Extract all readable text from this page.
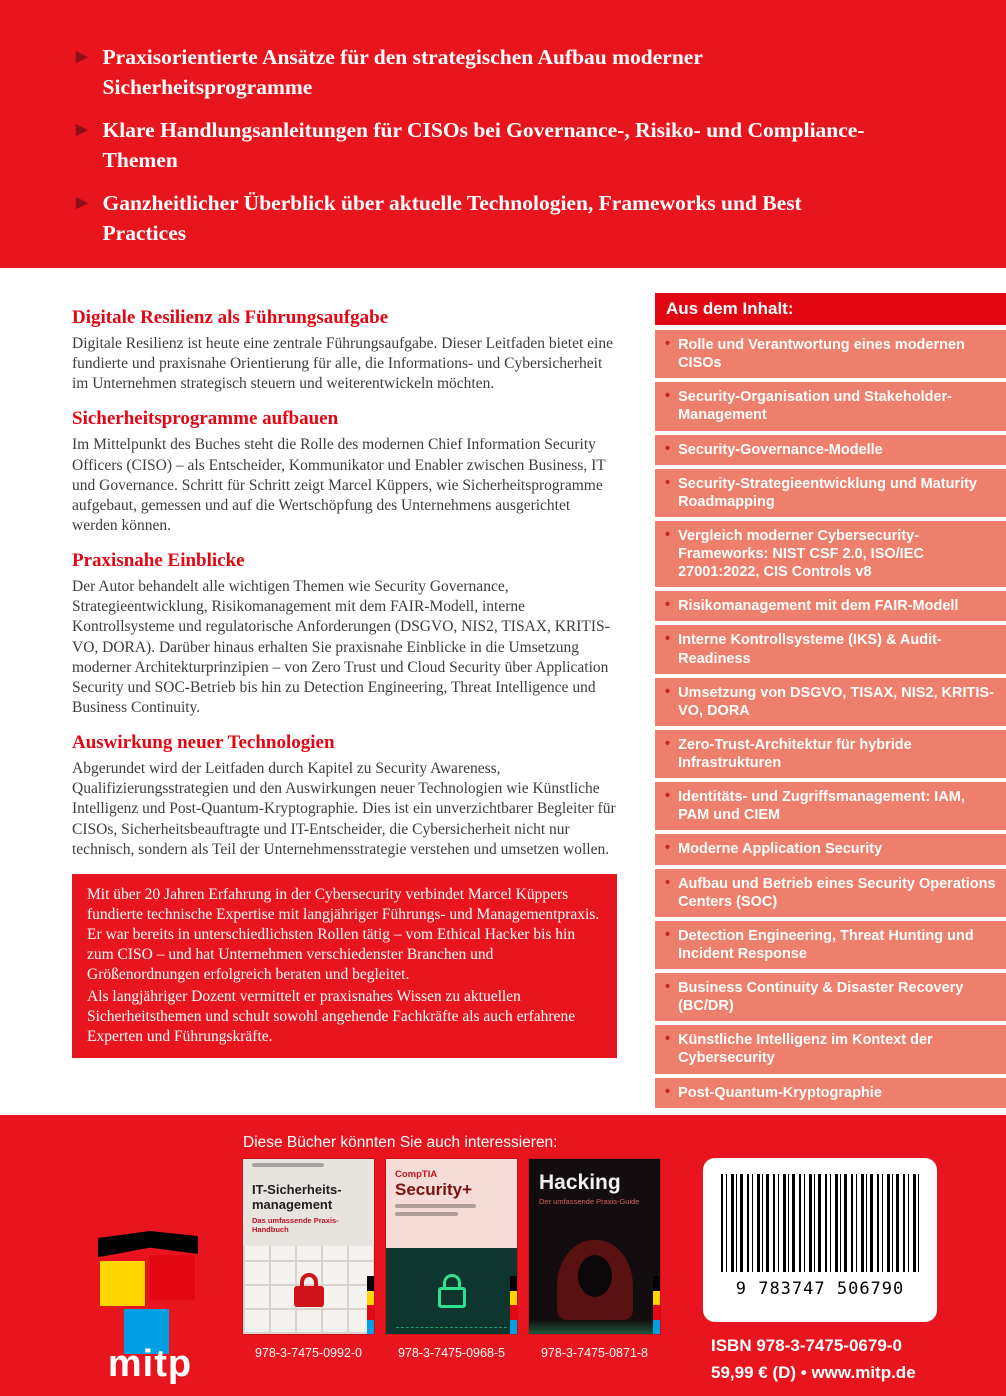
▶ Praxisorientierte Ansätze für den strategischen Aufbau moderner Sicherheitsprogramme
▶ Klare Handlungsanleitungen für CISOs bei Governance-, Risiko- und Compliance-Themen
▶ Ganzheitlicher Überblick über aktuelle Technologien, Frameworks und Best Practices
Digitale Resilienz als Führungsaufgabe

Digitale Resilienz ist heute eine zentrale Führungsaufgabe. Dieser Leitfaden bietet eine fundierte und praxisnahe Orientierung für alle, die Informations- und Cybersicherheit im Unternehmen strategisch steuern und weiterentwickeln möchten.

Sicherheitsprogramme aufbauen

Im Mittelpunkt des Buches steht die Rolle des modernen Chief Information Security Officers (CISO) – als Entscheider, Kommunikator und Enabler zwischen Business, IT und Governance. Schritt für Schritt zeigt Marcel Küppers, wie Sicherheitsprogramme aufgebaut, gemessen und auf die Wertschöpfung des Unternehmens ausgerichtet werden können.

Praxisnahe Einblicke

Der Autor behandelt alle wichtigen Themen wie Security Governance, Strategieentwicklung, Risikomanagement mit dem FAIR-Modell, interne Kontrollsysteme und regulatorische Anforderungen (DSGVO, NIS2, TISAX, KRITIS-VO, DORA). Darüber hinaus erhalten Sie praxisnahe Einblicke in die Umsetzung moderner Architekturprinzipien – von Zero Trust und Cloud Security über Application Security und SOC-Betrieb bis hin zu Detection Engineering, Threat Intelligence und Business Continuity.

Auswirkung neuer Technologien

Abgerundet wird der Leitfaden durch Kapitel zu Security Awareness, Qualifizierungsstrategien und den Auswirkungen neuer Technologien wie Künstliche Intelligenz und Post-Quantum-Kryptographie. Dies ist ein unverzichtbarer Begleiter für CISOs, Sicherheitsbeauftragte und IT-Entscheider, die Cybersicherheit nicht nur technisch, sondern als Teil der Unternehmensstrategie verstehen und umsetzen wollen.

Mit über 20 Jahren Erfahrung in der Cybersecurity verbindet Marcel Küppers fundierte technische Expertise mit langjähriger Führungs- und Managementpraxis. Er war bereits in unterschiedlichsten Rollen tätig – vom Ethical Hacker bis hin zum CISO – und hat Unternehmen verschiedenster Branchen und Größenordnungen erfolgreich beraten und begleitet.

Als langjähriger Dozent vermittelt er praxisnahes Wissen zu aktuellen Sicherheitsthemen und schult sowohl angehende Fachkräfte als auch erfahrene Experten und Führungskräfte.

Aus dem Inhalt:
• Rolle und Verantwortung eines modernen CISOs
• Security-Organisation und Stakeholder-Management
• Security-Governance-Modelle
• Security-Strategieentwicklung und Maturity Roadmapping
• Vergleich moderner Cybersecurity-Frameworks: NIST CSF 2.0, ISO/IEC 27001:2022, CIS Controls v8
• Risikomanagement mit dem FAIR-Modell
• Interne Kontrollsysteme (IKS) & Audit-Readiness
• Umsetzung von DSGVO, TISAX, NIS2, KRITIS-VO, DORA
• Zero-Trust-Architektur für hybride Infrastrukturen
• Identitäts- und Zugriffsmanagement: IAM, PAM und CIEM
• Moderne Application Security
• Aufbau und Betrieb eines Security Operations Centers (SOC)
• Detection Engineering, Threat Hunting und Incident Response
• Business Continuity & Disaster Recovery (BC/DR)
• Künstliche Intelligenz im Kontext der Cybersecurity
• Post-Quantum-Kryptographie
Diese Bücher könnten Sie auch interessieren:
IT-Sicherheits-management
Das umfassende Praxis-Handbuch
978-3-7475-0992-0
CompTIA
Security+
978-3-7475-0968-5
Hacking
Der umfassende Praxis-Guide
978-3-7475-0871-8
mitp
9 783747 506790
ISBN 978-3-7475-0679-0
59,99 € (D) • www.mitp.de
